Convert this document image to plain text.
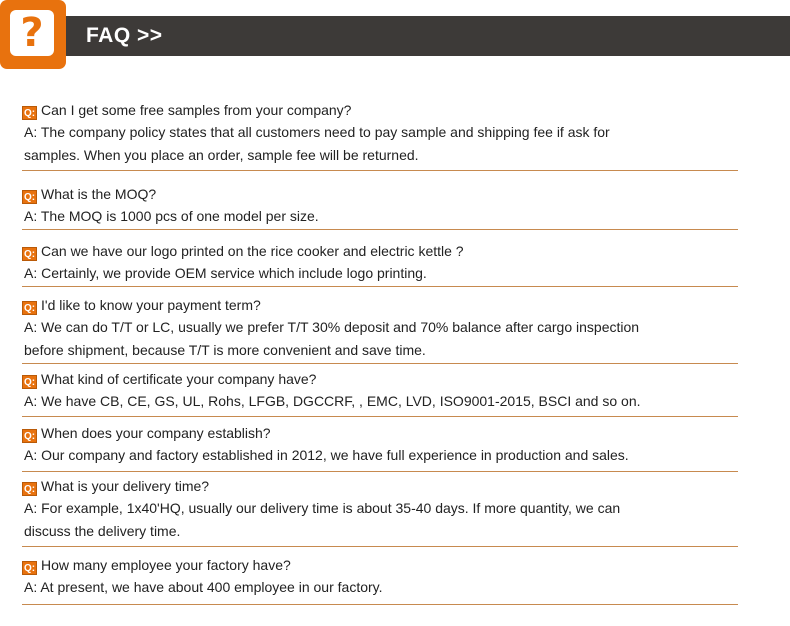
FAQ >>
?
Q: Can I get some free samples from your company?
A: The company policy states that all customers need to pay sample and shipping fee if ask for samples. When you place an order, sample fee will be returned.
Q: What is the MOQ?
A: The MOQ is 1000 pcs of one model per size.
Q: Can we have our logo printed on the rice cooker and electric kettle ?
A: Certainly, we provide OEM service which include logo printing.
Q: I'd like to know your payment term?
A: We can do T/T or LC, usually we prefer T/T 30% deposit and 70% balance after cargo inspection before shipment, because T/T is more convenient and save time.
Q: What kind of certificate your company have?
A: We have CB, CE, GS, UL, Rohs, LFGB, DGCCRF, , EMC, LVD, ISO9001-2015, BSCI and so on.
Q: When does your company establish?
A: Our company and factory established in 2012, we have full experience in production and sales.
Q: What is your delivery time?
A: For example, 1x40'HQ, usually our delivery time is about 35-40 days. If more quantity, we can discuss the delivery time.
Q: How many employee your factory have?
A: At present, we have about 400 employee in our factory.
